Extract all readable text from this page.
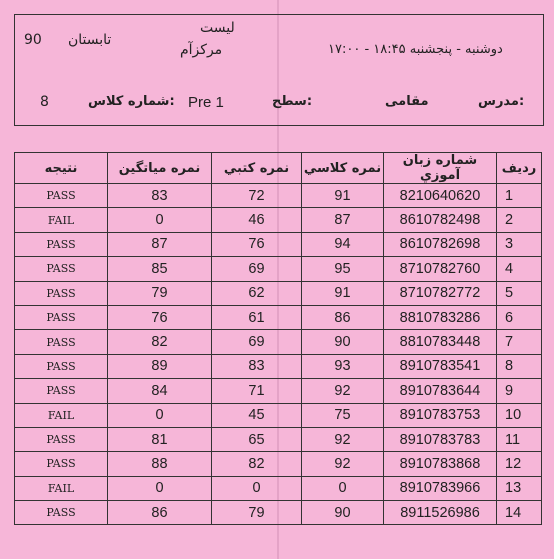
90 تابستان
لیست
مرکزآم	دوشنبه - پنجشنبه ۱۸:۴۵ - ۱۷:۰۰
8	شماره کلاس: Pre 1	سطح:	مقامی	مدرس:
ردیف	شماره زبان آموزي	نمره كلاسي	نمره كتبي	نمره مياتگين	نتيجه
1	8210640620	91	72	83	PASS
2	8610782498	87	46	0	FAIL
3	8610782698	94	76	87	PASS
4	8710782760	95	69	85	PASS
5	8710782772	91	62	79	PASS
6	8810783286	86	61	76	PASS
7	8810783448	90	69	82	PASS
8	8910783541	93	83	89	PASS
9	8910783644	92	71	84	PASS
10	8910783753	75	45	0	FAIL
11	8910783783	92	65	81	PASS
12	8910783868	92	82	88	PASS
13	8910783966	0	0	0	FAIL
14	8911526986	90	79	86	PASS
